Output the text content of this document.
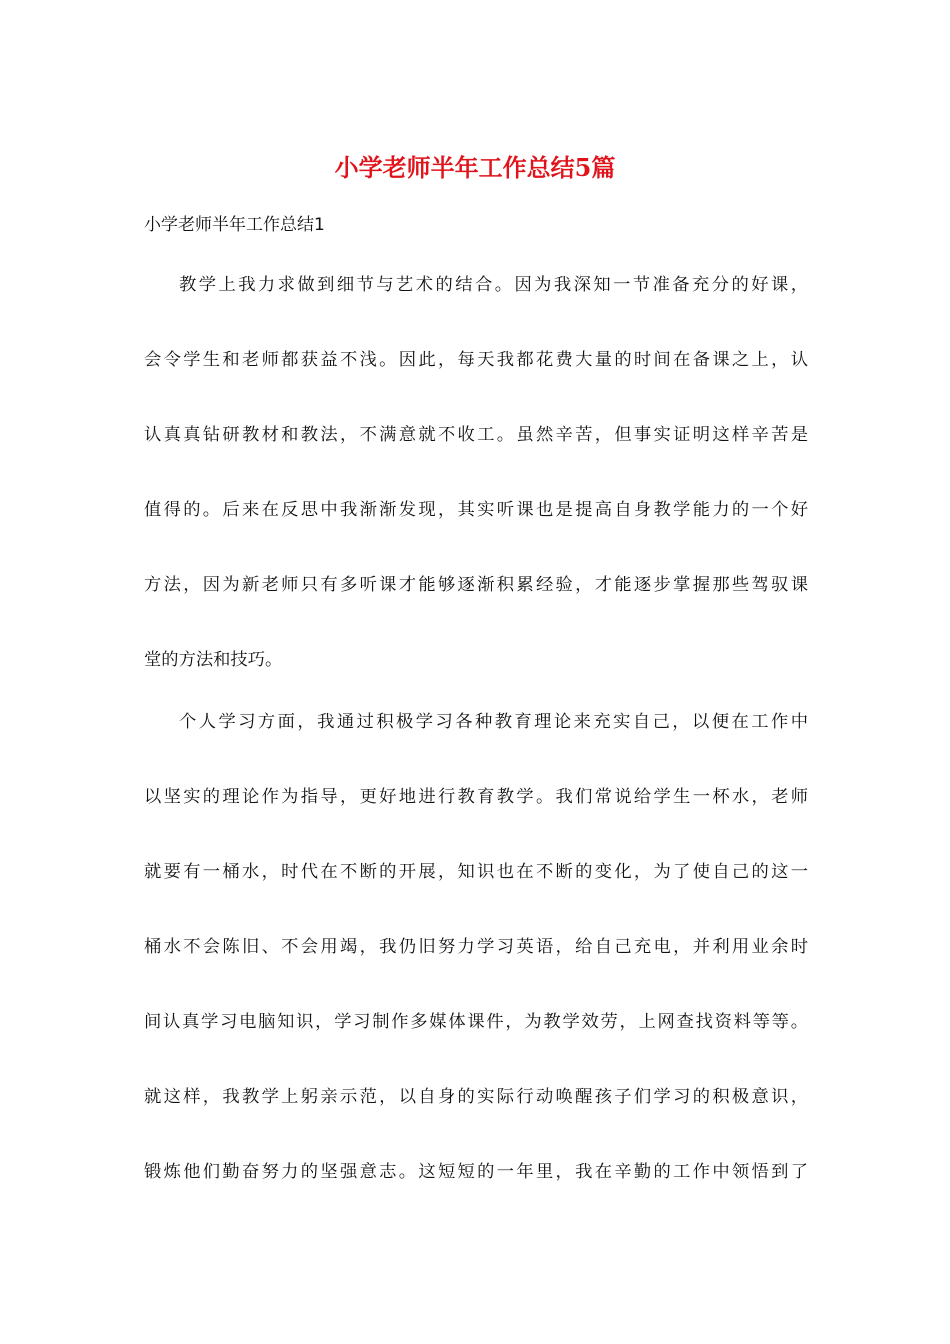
小学老师半年工作总结5篇
小学老师半年工作总结1
教学上我力求做到细节与艺术的结合。因为我深知一节准备充分的好课，
会令学生和老师都获益不浅。因此，每天我都花费大量的时间在备课之上，认
认真真钻研教材和教法，不满意就不收工。虽然辛苦，但事实证明这样辛苦是
值得的。后来在反思中我渐渐发现，其实听课也是提高自身教学能力的一个好
方法，因为新老师只有多听课才能够逐渐积累经验，才能逐步掌握那些驾驭课
堂的方法和技巧。
个人学习方面，我通过积极学习各种教育理论来充实自己，以便在工作中
以坚实的理论作为指导，更好地进行教育教学。我们常说给学生一杯水，老师
就要有一桶水，时代在不断的开展，知识也在不断的变化，为了使自己的这一
桶水不会陈旧、不会用竭，我仍旧努力学习英语，给自己充电，并利用业余时
间认真学习电脑知识，学习制作多媒体课件，为教学效劳，上网查找资料等等。
就这样，我教学上躬亲示范，以自身的实际行动唤醒孩子们学习的积极意识，
锻炼他们勤奋努力的坚强意志。这短短的一年里，我在辛勤的工作中领悟到了
